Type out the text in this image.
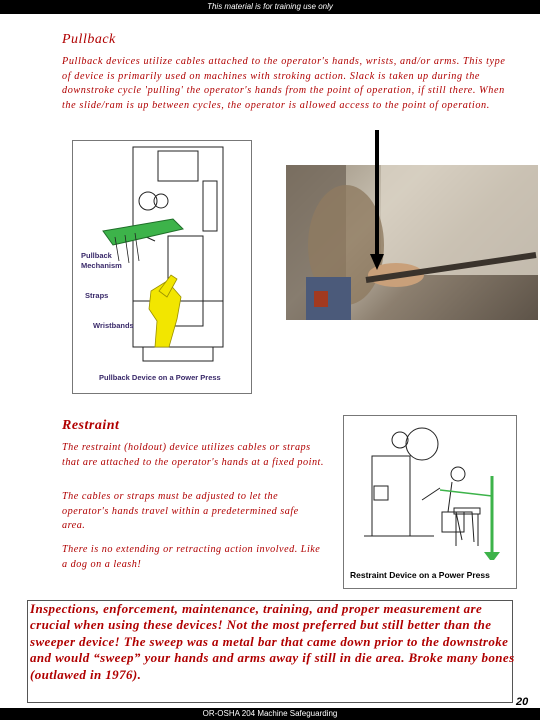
This material is for training use only
Pullback

Pullback devices utilize cables attached to the operator's hands, wrists, and/or arms. This type of device is primarily used on machines with stroking action. Slack is taken up during the downstroke cycle 'pulling' the operator's hands from the point of operation, if still there. When the slide/ram is up between cycles, the operator is allowed access to the point of operation.

Pullback Mechanism
Straps
Wristbands
Pullback Device on a Power Press
Restraint

The restraint (holdout) device utilizes cables or straps that are attached to the operator's hands at a fixed point.

The cables or straps must be adjusted to let the operator's hands travel within a predetermined safe area.

There is no extending or retracting action involved. Like a dog on a leash!

Restraint Device on a Power Press

Inspections, enforcement, maintenance, training, and proper measurement are crucial when using these devices! Not the most preferred but still better than the sweeper device! The sweep was a metal bar that came down prior to the downstroke and would “sweep” your hands and arms away if still in die area. Broke many bones (outlawed in 1976).

20
OR-OSHA 204 Machine Safeguarding
